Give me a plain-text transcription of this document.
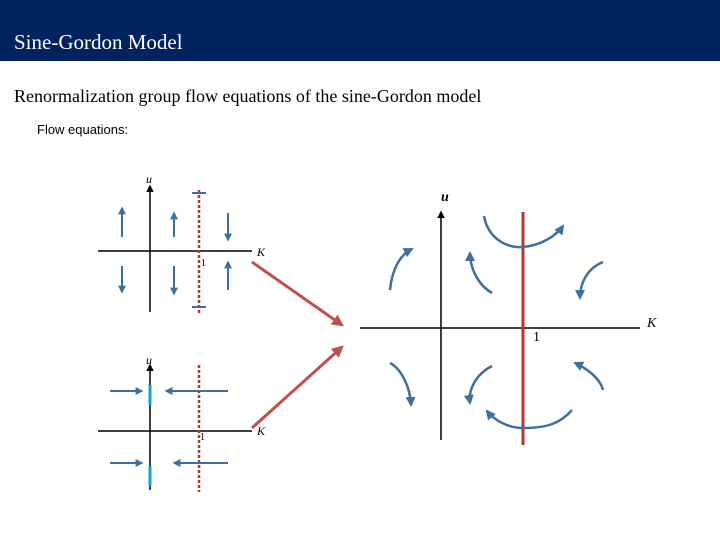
Sine-Gordon Model
Renormalization group flow equations of the sine-Gordon model
Flow equations:
u
K
1
u
K
1
u
K
1
